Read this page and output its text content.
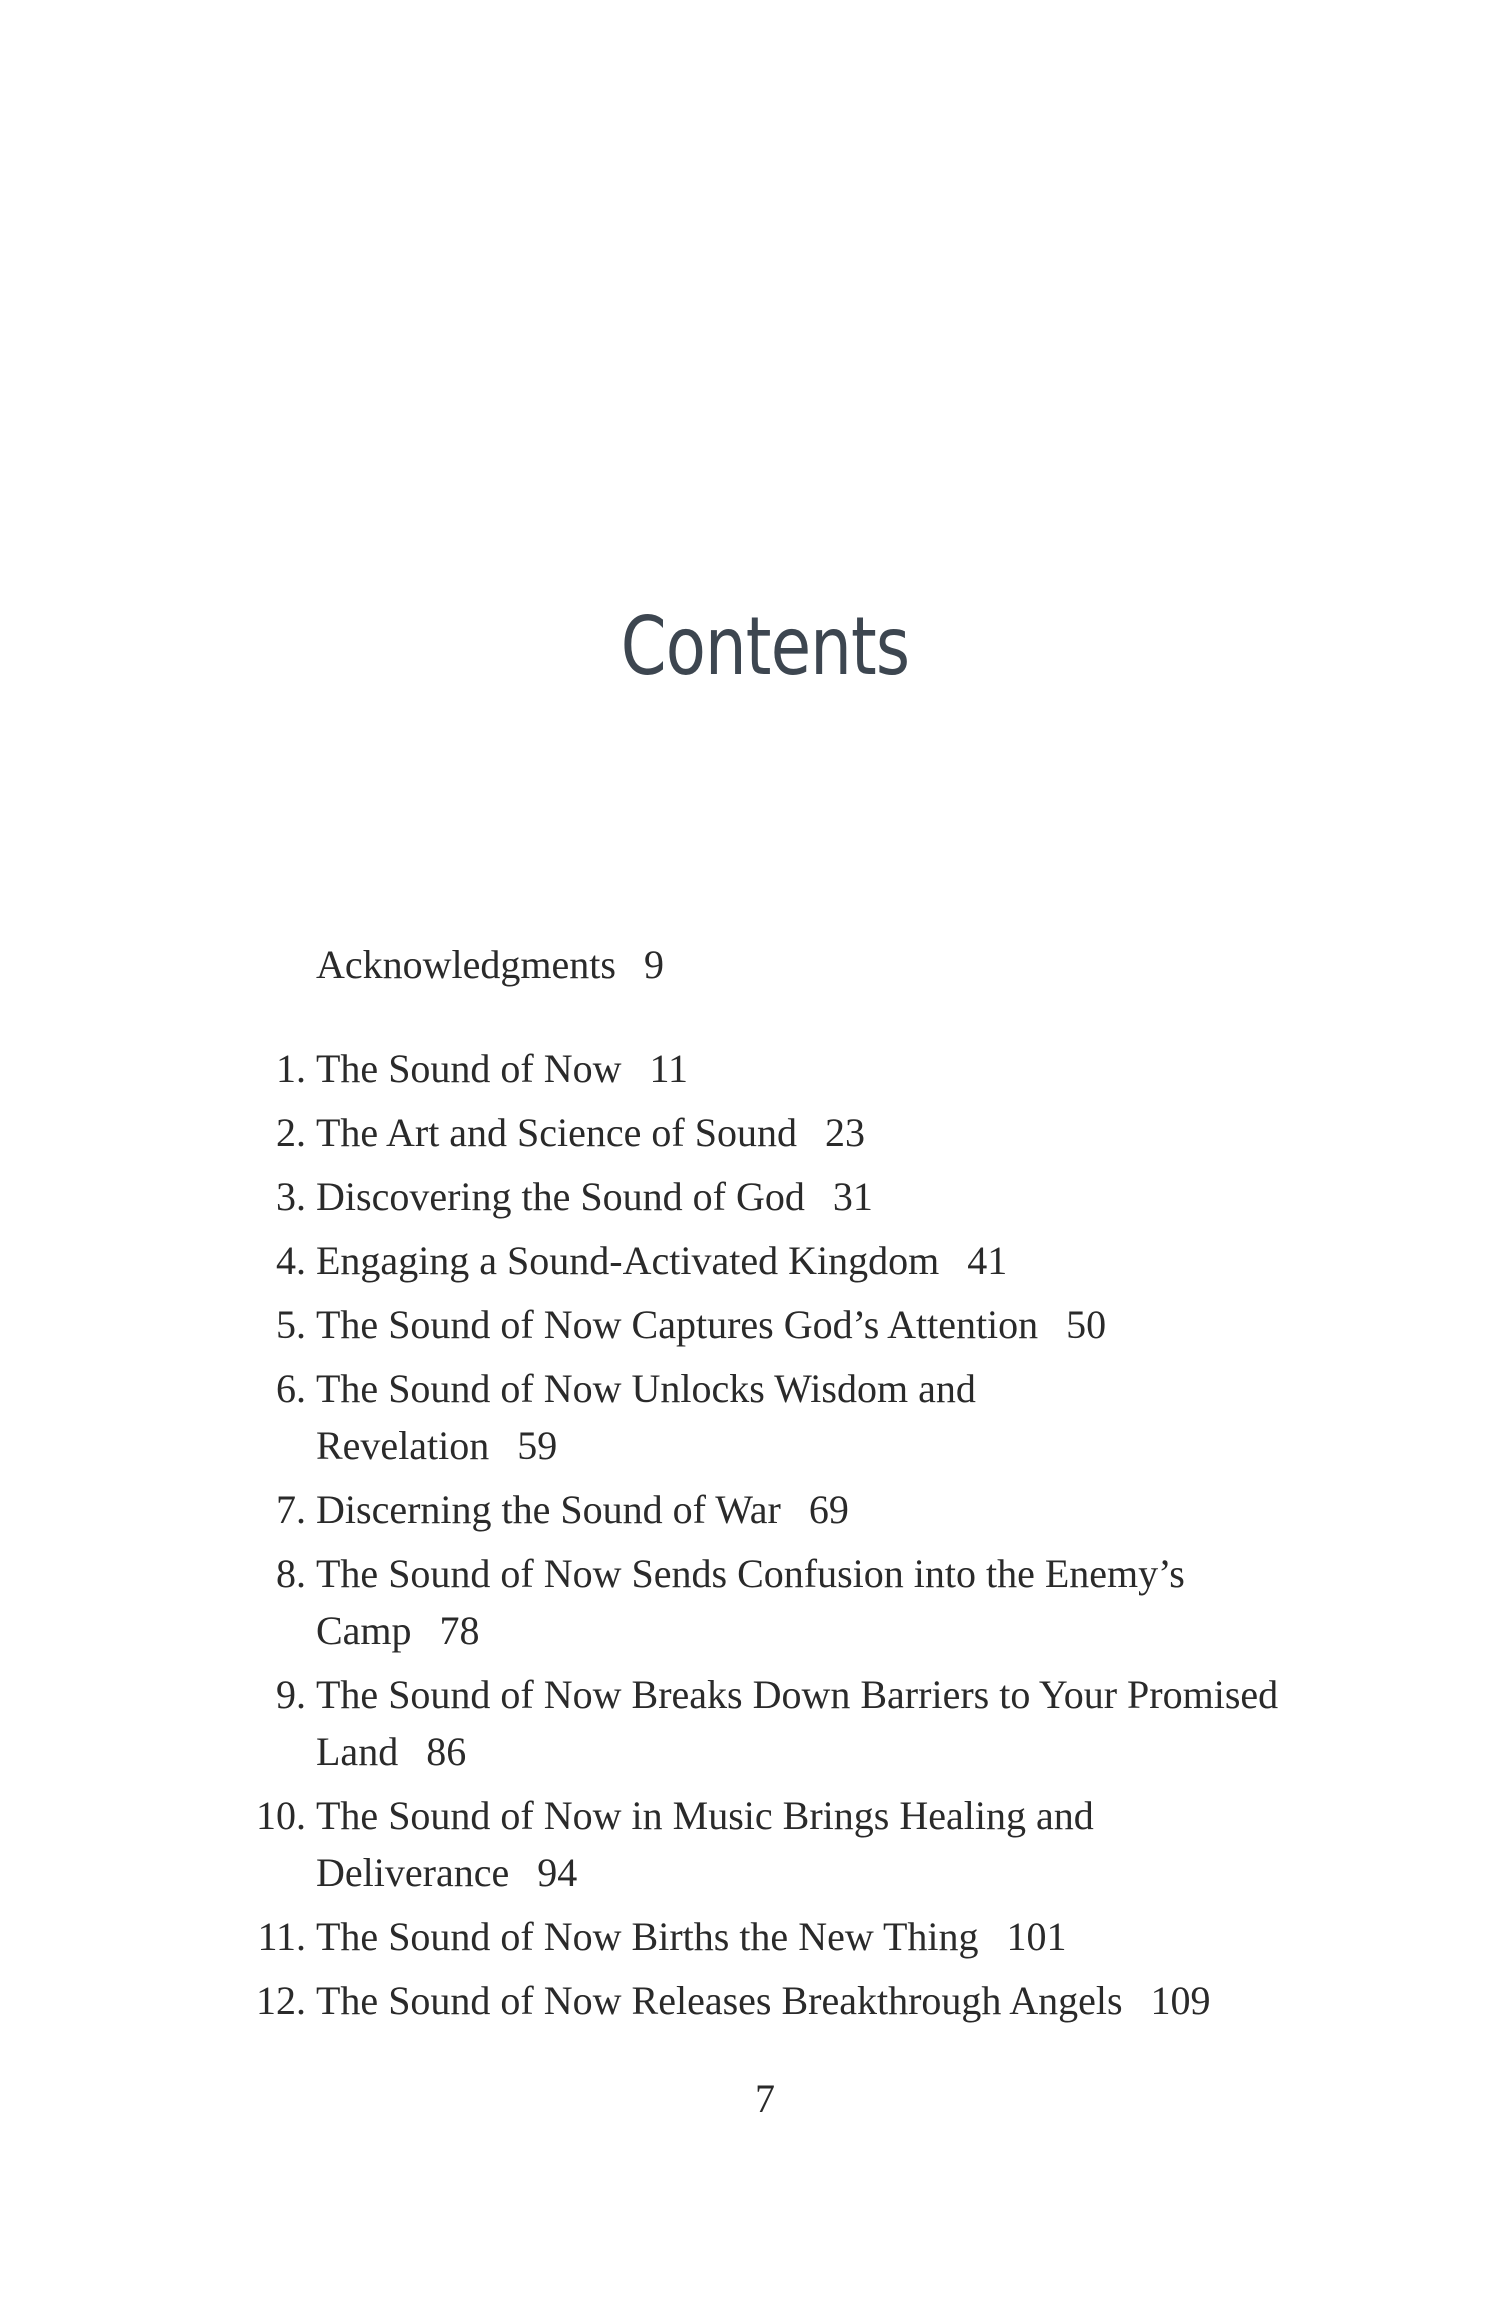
Contents
Acknowledgments 9
1. The Sound of Now 11
2. The Art and Science of Sound 23
3. Discovering the Sound of God 31
4. Engaging a Sound-Activated Kingdom 41
5. The Sound of Now Captures God’s Attention 50
6. The Sound of Now Unlocks Wisdom and Revelation 59
7. Discerning the Sound of War 69
8. The Sound of Now Sends Confusion into the Enemy’s Camp 78
9. The Sound of Now Breaks Down Barriers to Your Promised Land 86
10. The Sound of Now in Music Brings Healing and Deliverance 94
11. The Sound of Now Births the New Thing 101
12. The Sound of Now Releases Breakthrough Angels 109
7
